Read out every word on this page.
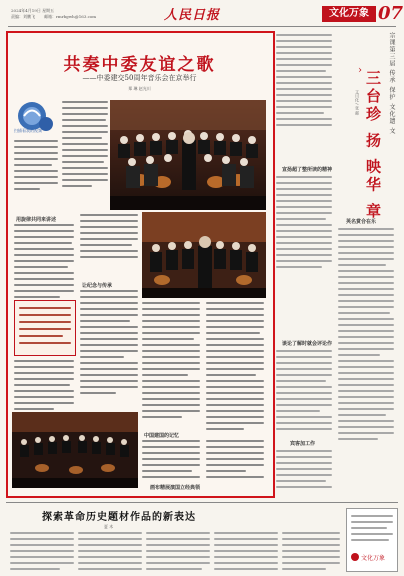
2024年4月19日 星期五
责编：刘鹏飞 邮箱：rmrbgwh@163.com	人民日报	文化万象 07
共奏中委友谊之歌
——中委建交50周年音乐会在京举行
郑 琳 赵光川
扫描看我的视频
用旋律共同来讲述
让纪念与传承
中国建国的记忆
宗课第三届 传承 保护 文化遗 文
三台珍 扬 映华 章
文川化 / 张 邮
›
宣扬超了整所读的精神
英名赏合在乐
谈论了解时就会评论作
宾客加工作
画布精展演国立经典领
探索革命历史题材作品的新表达
夏 木
文化万象
